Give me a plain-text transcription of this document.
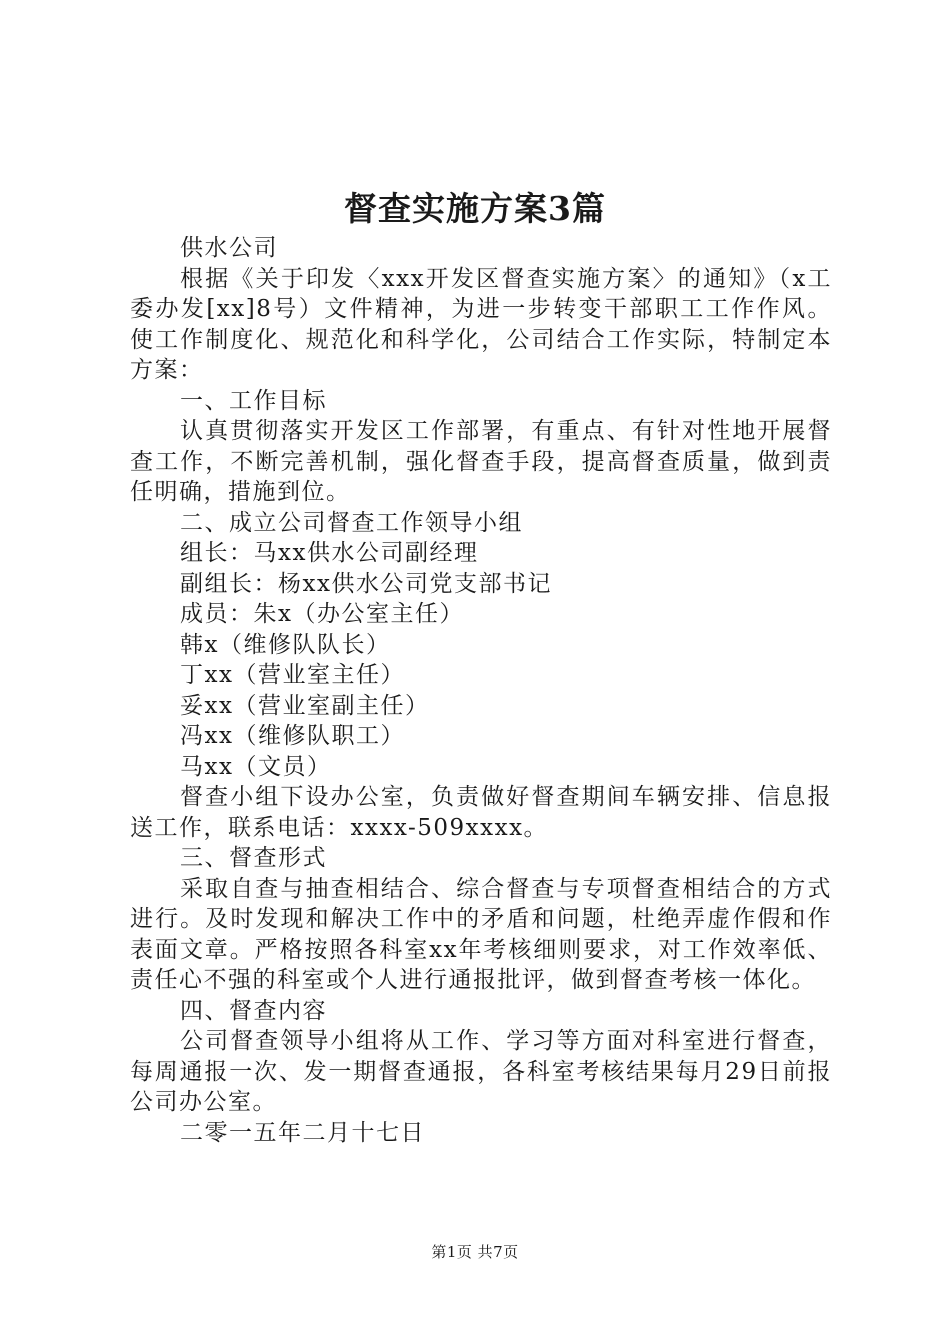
督查实施方案3篇

供水公司

根据《关于印发〈xxx开发区督查实施方案〉的通知》（x工委办发[xx]8号）文件精神，为进一步转变干部职工工作作风。使工作制度化、规范化和科学化，公司结合工作实际，特制定本方案：

一、工作目标

认真贯彻落实开发区工作部署，有重点、有针对性地开展督查工作，不断完善机制，强化督查手段，提高督查质量，做到责任明确，措施到位。

二、成立公司督查工作领导小组

组长：马xx供水公司副经理

副组长：杨xx供水公司党支部书记

成员：朱x（办公室主任）

韩x（维修队队长）

丁xx（营业室主任）

妥xx（营业室副主任）

冯xx（维修队职工）

马xx（文员）

督查小组下设办公室，负责做好督查期间车辆安排、信息报送工作，联系电话：xxxx-509xxxx。

三、督查形式

采取自查与抽查相结合、综合督查与专项督查相结合的方式进行。及时发现和解决工作中的矛盾和问题，杜绝弄虚作假和作表面文章。严格按照各科室xx年考核细则要求，对工作效率低、责任心不强的科室或个人进行通报批评，做到督查考核一体化。

四、督查内容

公司督查领导小组将从工作、学习等方面对科室进行督查，每周通报一次、发一期督查通报，各科室考核结果每月29日前报公司办公室。

二零一五年二月十七日

第1页 共7页
